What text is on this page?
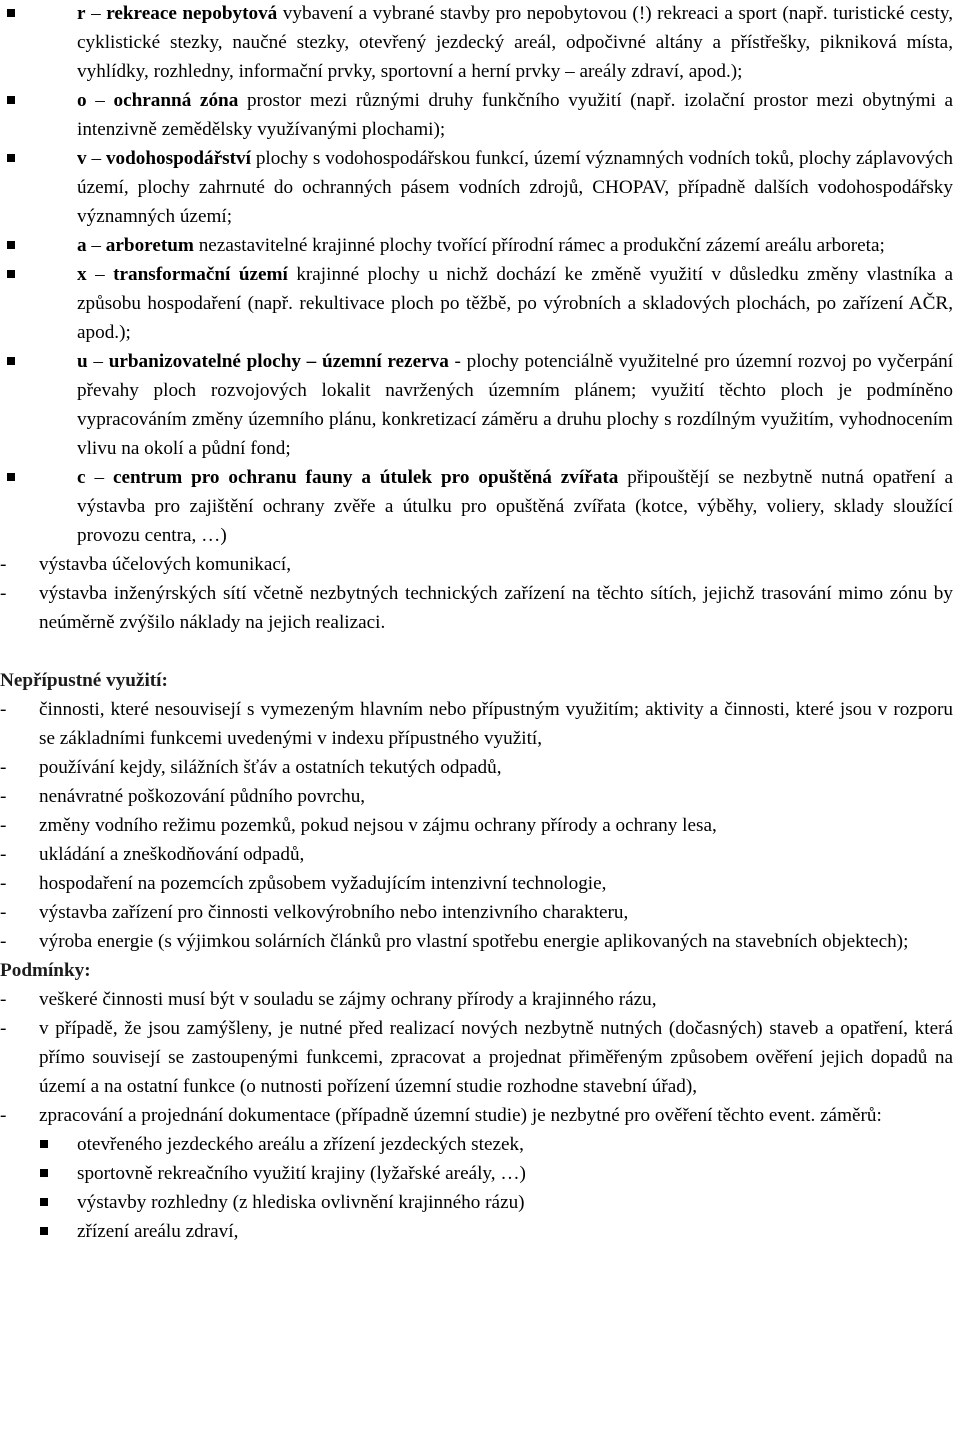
r – rekreace nepobytová vybavení a vybrané stavby pro nepobytovou (!) rekreaci a sport (např. turistické cesty, cyklistické stezky, naučné stezky, otevřený jezdecký areál, odpočivné altány a přístřešky, pikniková místa, vyhlídky, rozhledny, informační prvky, sportovní a herní prvky – areály zdraví, apod.);
o – ochranná zóna prostor mezi různými druhy funkčního využití (např. izolační prostor mezi obytnými a intenzivně zemědělsky využívanými plochami);
v – vodohospodářství plochy s vodohospodářskou funkcí, území významných vodních toků, plochy záplavových území, plochy zahrnuté do ochranných pásem vodních zdrojů, CHOPAV, případně dalších vodohospodářsky významných území;
a – arboretum nezastavitelné krajinné plochy tvořící přírodní rámec a produkční zázemí areálu arboreta;
x – transformační území krajinné plochy u nichž dochází ke změně využití v důsledku změny vlastníka a způsobu hospodaření (např. rekultivace ploch po těžbě, po výrobních a skladových plochách, po zařízení AČR, apod.);
u – urbanizovatelné plochy – územní rezerva - plochy potenciálně využitelné pro územní rozvoj po vyčerpání převahy ploch rozvojových lokalit navržených územním plánem; využití těchto ploch je podmíněno vypracováním změny územního plánu, konkretizací záměru a druhu plochy s rozdílným využitím, vyhodnocením vlivu na okolí a půdní fond;
c – centrum pro ochranu fauny a útulek pro opuštěná zvířata připouštějí se nezbytně nutná opatření a výstavba pro zajištění ochrany zvěře a útulku pro opuštěná zvířata (kotce, výběhy, voliery, sklady sloužící provozu centra, …)
- výstavba účelových komunikací,
- výstavba inženýrských sítí včetně nezbytných technických zařízení na těchto sítích, jejichž trasování mimo zónu by neúměrně zvýšilo náklady na jejich realizaci.
Nepřípustné využití:
- činnosti, které nesouvisejí s vymezeným hlavním nebo přípustným využitím; aktivity a činnosti, které jsou v rozporu se základními funkcemi uvedenými v indexu přípustného využití,
- používání kejdy, silážních šťáv a ostatních tekutých odpadů,
- nenávratné poškozování půdního povrchu,
- změny vodního režimu pozemků, pokud nejsou v zájmu ochrany přírody a ochrany lesa,
- ukládání a zneškodňování odpadů,
- hospodaření na pozemcích způsobem vyžadujícím intenzivní technologie,
- výstavba zařízení pro činnosti velkovýrobního nebo intenzivního charakteru,
- výroba energie (s výjimkou solárních článků pro vlastní spotřebu energie aplikovaných na stavebních objektech);
Podmínky:
- veškeré činnosti musí být v souladu se zájmy ochrany přírody a krajinného rázu,
- v případě, že jsou zamýšleny, je nutné před realizací nových nezbytně nutných (dočasných) staveb a opatření, která přímo souvisejí se zastoupenými funkcemi, zpracovat a projednat přiměřeným způsobem ověření jejich dopadů na území a na ostatní funkce (o nutnosti pořízení územní studie rozhodne stavební úřad),
- zpracování a projednání dokumentace (případně územní studie) je nezbytné pro ověření těchto event. záměrů:
otevřeného jezdeckého areálu a zřízení jezdeckých stezek,
sportovně rekreačního využití krajiny (lyžařské areály, …)
výstavby rozhledny (z hlediska ovlivnění krajinného rázu)
zřízení areálu zdraví,
